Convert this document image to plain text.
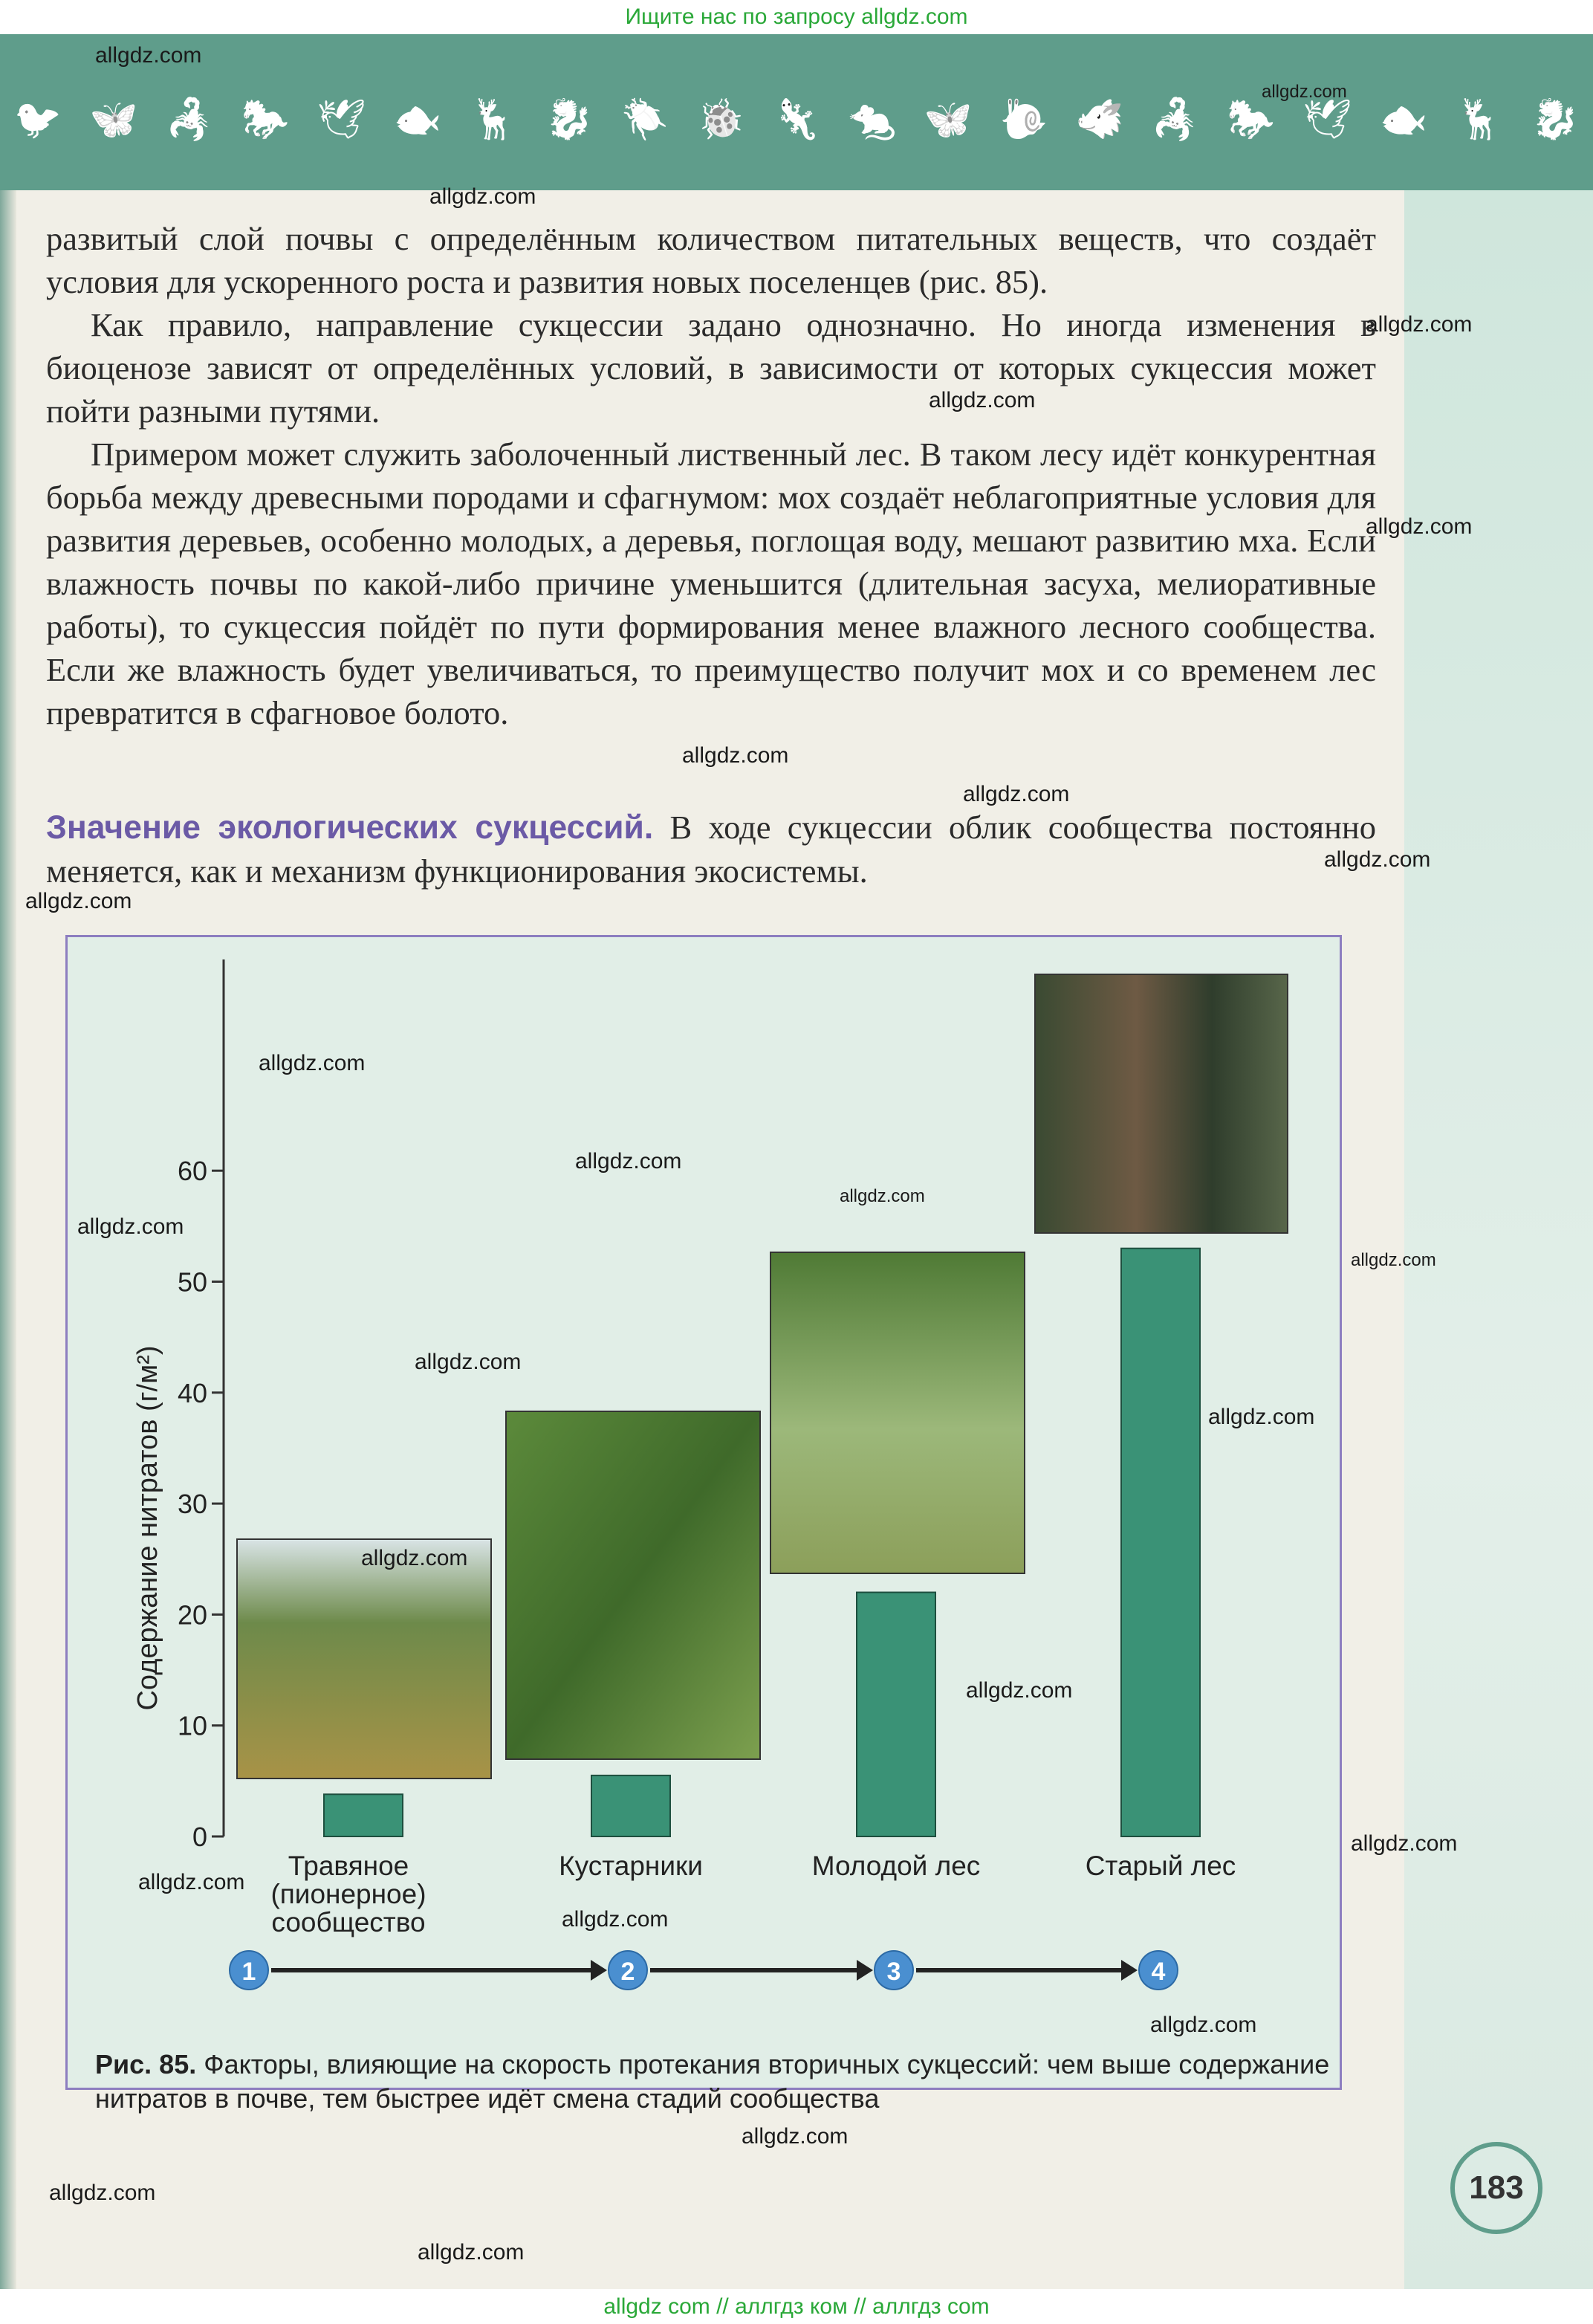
Ищите нас по запросу allgdz.com
🐦 🦋 🦂 🐎 🕊 🐟 🦌 🐉 🪲 🐞 🦎 🐀 🦋 🐌 🐗 🦂 🐎 🕊 🐟 🦌 🐉

развитый слой почвы с определённым количеством питательных веществ, что создаёт условия для ускоренного роста и развития новых поселенцев (рис. 85).

Как правило, направление сукцессии задано однозначно. Но иногда изменения в биоценозе зависят от определённых условий, в зависимости от которых сукцессия может пойти разными путями.

Примером может служить заболоченный лиственный лес. В таком лесу идёт конкурентная борьба между древесными породами и сфагнумом: мох создаёт неблагоприятные условия для развития деревьев, особенно молодых, а деревья, поглощая воду, мешают развитию мха. Если влажность почвы по какой-либо причине уменьшится (длительная засуха, мелиоративные работы), то сукцессия пойдёт по пути формирования менее влажного лесного сообщества. Если же влажность будет увеличиваться, то преимущество получит мох и со временем лес превратится в сфагновое болото.

Значение экологических сукцессий. В ходе сукцессии облик сообщества постоянно меняется, как и механизм функционирования экосистемы.

0
10
20
30
40
50
60
Содержание нитратов (г/м²)
Травяное
(пионерное)
сообщество
Кустарники	Молодой лес	Старый лес
1	2	3	4
Рис. 85. Факторы, влияющие на скорость протекания вторичных сукцессий: чем выше содержание нитратов в почве, тем быстрее идёт смена стадий сообщества
183
allgdz.com
allgdz.com
allgdz.com
allgdz.com
allgdz.com
allgdz.com
allgdz.com
allgdz.com
allgdz.com
allgdz.com
allgdz.com
allgdz.com
allgdz.com
allgdz.com
allgdz.com
allgdz.com
allgdz.com
allgdz.com
allgdz.com
allgdz.com
allgdz.com
allgdz.com
allgdz.com
allgdz.com
allgdz.com
allgdz.com
allgdz com // аллгдз ком // аллгдз com
